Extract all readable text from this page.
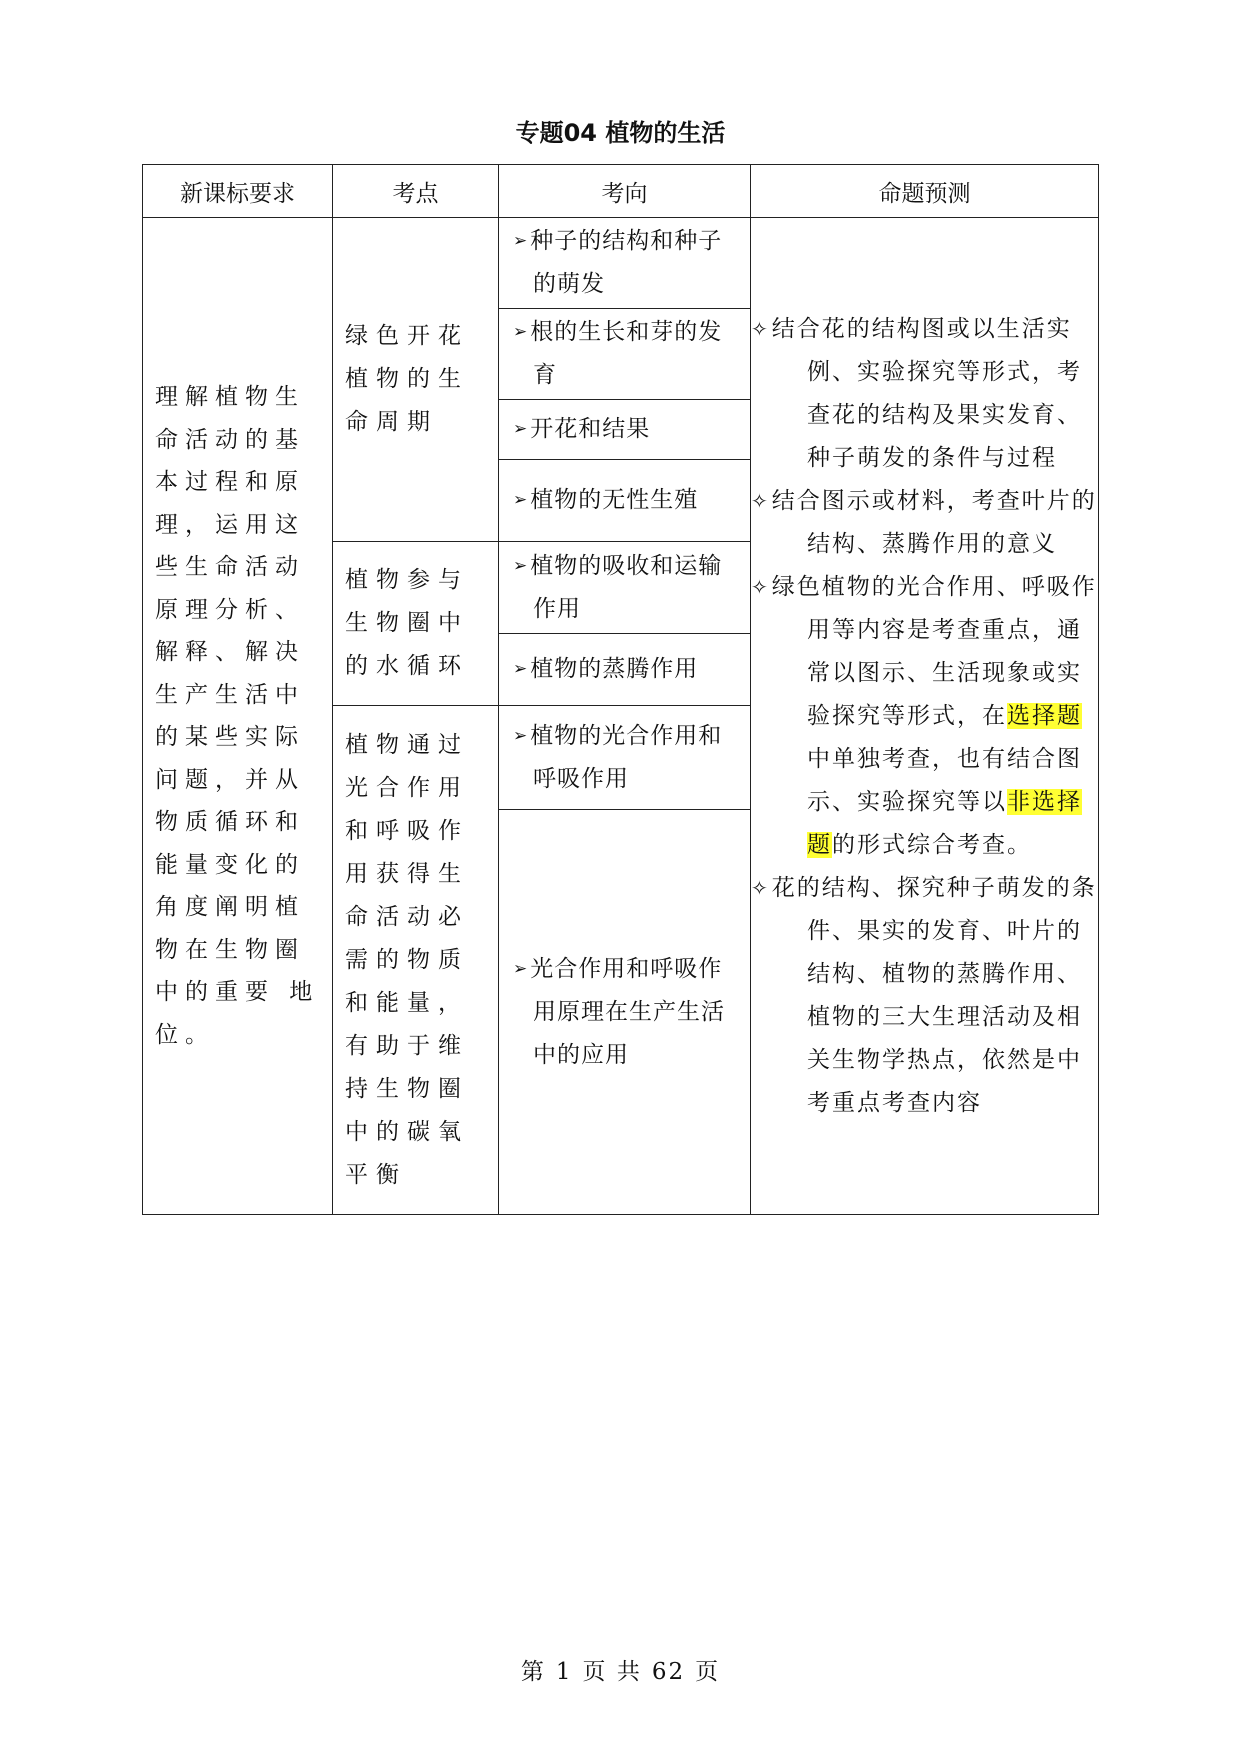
专题04 植物的生活
新课标要求	考点	考向	命题预测

理解植物生命活动的基本过程和原理，运用这些生命活动原理分析、解释、解决生产生活中的某些实际问题，并从物质循环和能量变化的角度阐明植物在生物圈中的重要 地位。	绿色开花植物的生命周期	➢种子的结构和种子的萌发	✧结合花的结构图或以生活实例、实验探究等形式，考查花的结构及果实发育、种子萌发的条件与过程
✧结合图示或材料，考查叶片的结构、蒸腾作用的意义
✧绿色植物的光合作用、呼吸作用等内容是考查重点，通常以图示、生活现象或实验探究等形式，在选择题中单独考查，也有结合图示、实验探究等以非选择题的形式综合考查。
✧花的结构、探究种子萌发的条件、果实的发育、叶片的结构、植物的蒸腾作用、植物的三大生理活动及相关生物学热点，依然是中考重点考查内容

		➢根的生长和芽的发育	

		➢开花和结果	

		➢植物的无性生殖	

	植物参与生物圈中的水循环	➢植物的吸收和运输作用	

		➢植物的蒸腾作用	

	植物通过光合作用和呼吸作用获得生命活动必需的物质和能量，有助于维持生物圈中的碳氧平衡	➢植物的光合作用和呼吸作用	

		➢光合作用和呼吸作用原理在生产生活中的应用	
第 1 页 共 62 页
